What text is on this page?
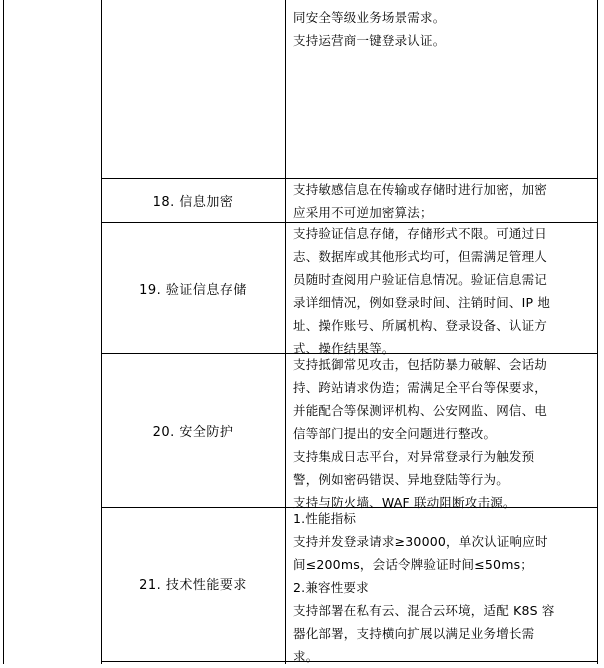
同安全等级业务场景需求。

支持运营商一键登录认证。

18. 信息加密

支持敏感信息在传输或存储时进行加密，加密

应采用不可逆加密算法；

19. 验证信息存储

支持验证信息存储，存储形式不限。可通过日

志、数据库或其他形式均可，但需满足管理人

员随时查阅用户验证信息情况。验证信息需记

录详细情况，例如登录时间、注销时间、IP 地

址、操作账号、所属机构、登录设备、认证方

式、操作结果等。

20. 安全防护

支持抵御常见攻击，包括防暴力破解、会话劫

持、跨站请求伪造；需满足全平台等保要求，

并能配合等保测评机构、公安网监、网信、电

信等部门提出的安全问题进行整改。

支持集成日志平台，对异常登录行为触发预

警，例如密码错误、异地登陆等行为。

支持与防火墙、WAF 联动阻断攻击源。

21. 技术性能要求

1.性能指标

支持并发登录请求≥30000，单次认证响应时

间≤200ms，会话令牌验证时间≤50ms；

2.兼容性要求

支持部署在私有云、混合云环境，适配 K8S 容

器化部署，支持横向扩展以满足业务增长需

求。
